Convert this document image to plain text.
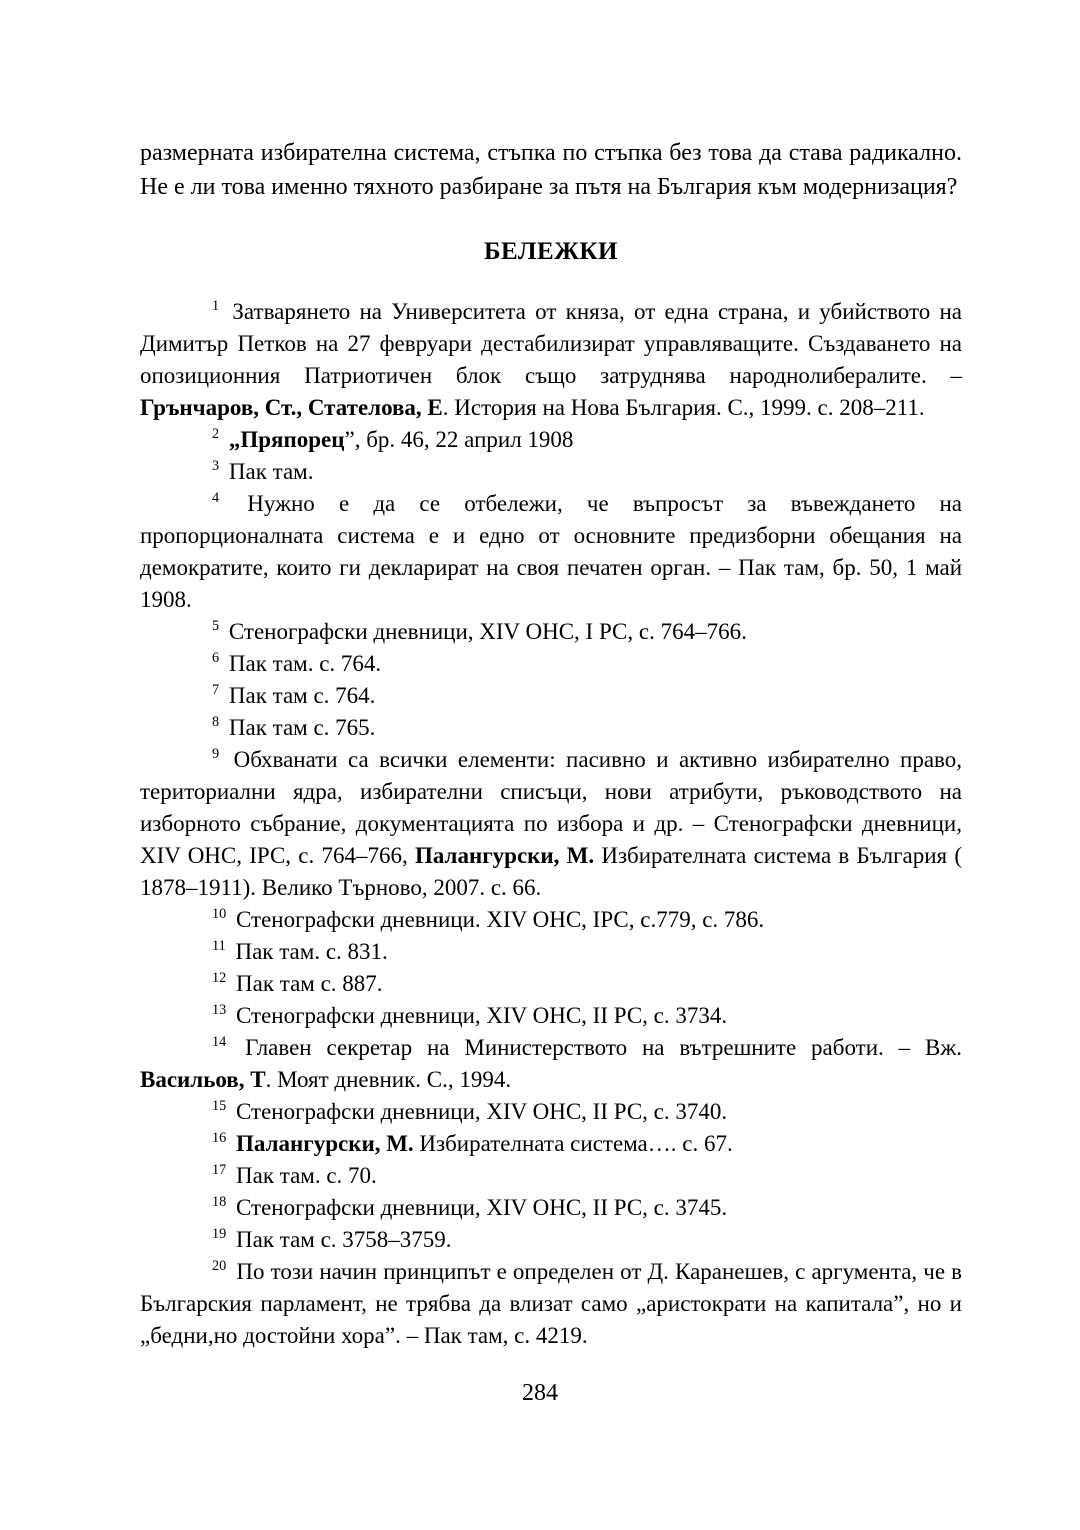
размерната избирателна система, стъпка по стъпка без това да става радикално. Не е ли това именно тяхното разбиране за пътя на България към модернизация?

БЕЛЕЖКИ

$^1$ Затварянето на Университета от княза, от една страна, и убийството на Димитър Петков на 27 февруари дестабилизират управляващите. Създаването на опозиционния Патриотичен блок също затруднява народнолибералите. – Грънчаров, Ст., Стателова, Е. История на Нова България. С., 1999. с. 208–211.

$^2$ „Пряпорец”, бр. 46, 22 април 1908

$^3$ Пак там.

$^4$ Нужно е да се отбележи, че въпросът за въвеждането на пропорционалната система е и едно от основните предизборни обещания на демократите, които ги декларират на своя печатен орган. – Пак там, бр. 50, 1 май 1908.

$^5$ Стенографски дневници, XIV ОНС, I РС, с. 764–766.

$^6$ Пак там. с. 764.

$^7$ Пак там с. 764.

$^8$ Пак там с. 765.

$^9$ Обхванати са всички елементи: пасивно и активно избирателно право, териториални ядра, избирателни списъци, нови атрибути, ръководството на изборното събрание, документацията по избора и др. – Стенографски дневници, XIV ОНС, IРС, с. 764–766, Палангурски, М. Избирателната система в България ( 1878–1911). Велико Търново, 2007. с. 66.

$^{10}$ Стенографски дневници. XIV ОНС, IРС, с.779, с. 786.

$^{11}$ Пак там. с. 831.

$^{12}$ Пак там с. 887.

$^{13}$ Стенографски дневници, XIV ОНС, II РС, с. 3734.

$^{14}$ Главен секретар на Министерството на вътрешните работи. – Вж. Васильов, Т. Моят дневник. С., 1994.

$^{15}$ Стенографски дневници, XIV ОНС, II РС, с. 3740.

$^{16}$ Палангурски, М. Избирателната система…. с. 67.

$^{17}$ Пак там. с. 70.

$^{18}$ Стенографски дневници, XIV ОНС, II РС, с. 3745.

$^{19}$ Пак там с. 3758–3759.

$^{20}$ По този начин принципът е определен от Д. Каранешев, с аргумента, че в Българския парламент, не трябва да влизат само „аристократи на капитала”, но и „бедни,но достойни хора”. – Пак там, с. 4219.

284
